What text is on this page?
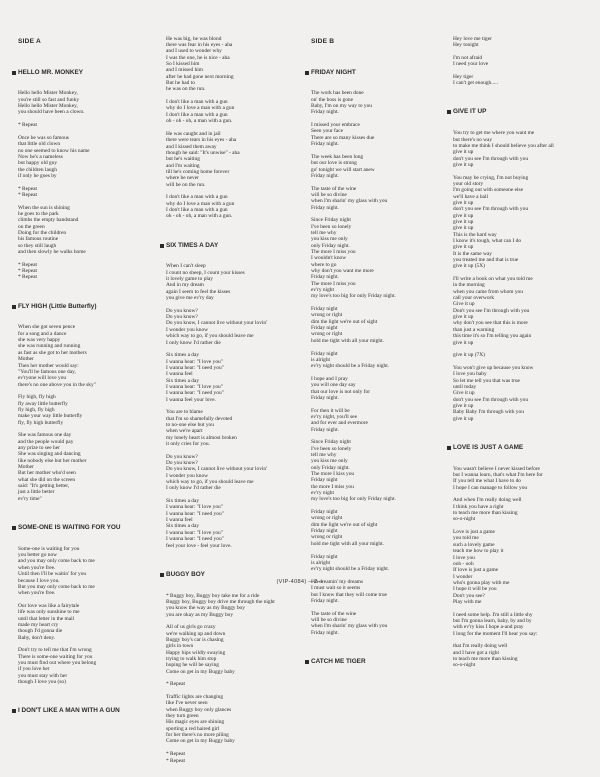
SIDE A

HELLO MR. MONKEY

Hello hello Mister Monkey,
you're still so fast and funky
Hello hello Mister Monkey,
you should have been a clown.

* Repeat

Once he was so famous
that little old clown
no one seemed to know his name
Now he's a nameless
but happy old guy
the children laugh
if only he goes by

* Repeat
* Repeat

When the sun is shining
he goes to the park
climbs the empty bandstand
on the green
Doing for the children
his famous routine
so they still laugh
and then slowly he walks home

* Repeat
* Repeat
* Repeat

FLY HIGH (Little Butterfly)

When she got seven pence
for a song and a dance
she was very happy
she was running and running
as fast as she got to her mothers
Mother
Then her mother would say:
"You'll be famous one day,
ev'ryone will love you
there's no one above you in the sky"

Fly high, fly high
fly away little butterfly
fly high, fly high
make your way little butterfly
fly, fly high butterfly

She was famous one day
and the people would pay
any prize to see her
She was singing and dancing
like nobody else but her mother
Mother
But her mother who'd seen
what she did on the screen
said: "It's getting better,
just a little better
ev'ry time"

SOME-ONE IS WAITING FOR YOU

Some-one is waiting for you
you better go now
and you may only come back to me
when you're free.
Until then I'll be waitin' for you
because I love you.
But you may only come back to me
when you're free.

Our love was like a fairytale
life was only sunshine to me
until that letter in the mail
made my heart cry
though I'd gonna die
Baby, don't deny.

Don't try to tell me that I'm wrong
There is some-one waiting for you
you must find out where you belong
if you love her
you must stay with her
though I love you (so)

I DON'T LIKE A MAN WITH A GUN

He was big, he was blond
there was fear in his eyes - aha
and I used to wonder why
I was the one, he is nice - aha
So I kissed him
and I missed him
after he had gone next morning
But he had to
he was on the run.

I don't like a man with a gun
why do I love a man with a gun
I don't like a man with a gun
oh - oh - oh, a man with a gun.

He was caught and in jail
there were tears in his eyes - aha
and I kissed them away
though he said: "It's unwise" - aha
but he's waiting
and I'm waiting
till he's coming home forever
where he never
will be on the run.

I don't like a man with a gun
why do I love a man with a gun
I don't like a man with a gun
oh - oh - oh, a man with a gun.

SIX TIMES A DAY

When I can't sleep
I count no sheep, I count your kisses
it lovely game to play
And in my dream
again I seem to feel the kisses
you give me ev'ry day

Do you know?
Do you know?
Do you know, I cannot live without your lovin'
I wonder you know
which way to go, if you should leave me
I only know I'd rather die

Six times a day
I wanna hear: "I love you"
I wanna hear: "I need you"
I wanna feel
Six times a day
I wanna hear: "I love you"
I wanna hear: "I need you"
I wanna feel your love.

You are to blame
that I'm so shamefully devoted
to no-one else but you
when we're apart
my lonely heart is almost broken
it only cries for you.

Do you know?
Do you know?
Do you know, I cannot live without your lovin'
I wonder you know
which way to go, if you should leave me
I only know I'd rather die

Six times a day
I wanna hear: "I love you"
I wanna hear: "I need you"
I wanna feel
Six times a day
I wanna hear: "I love you"
I wanna hear: "I need you"
feel your love - feel your love.

BUGGY BOY

* Buggy boy, Buggy boy take me for a ride
Buggy boy, Buggy boy drive me through the night
you know the way as my Buggy boy
you are okay as my Buggy boy

All of us girls go crazy
we're walking up and down
Buggy boy's car is chasing
girls in town
Happy hips wildly swaying
trying to walk him stop
hoping he will be saying
Come on get in my Buggy baby

* Repeat

Traffic lights are changing
like I've never seen
when Buggy boy only glances
they turn green
His magic eyes are shining
sporting a red haired girl
for her there's no more piling
Come on get in my Buggy baby

* Repeat
* Repeat

SIDE B

FRIDAY NIGHT

The work has been done
on' the boss is gone
Baby, I'm on my way to you
Friday night.

I missed your embrace
Seen your face
There are so many kisses due
Friday night.

The week has been long
but our love is strong
go' tonight we will start anew
Friday night.

The taste of the wine
will be so divine
when I'm sharin' my glass with you
Friday night.

Since Friday night
I've been so lonely
tell me why
you kiss me only
only Friday night.
The more I miss you
I wouldn't know
where to go
why don't you want me more
Friday night.
The more I miss you
ev'ry night
my love's too big for only Friday night.

Friday night
wrong or right
dim the light we're out of sight
Friday night
wrong or right
hold me tight with all your might.

Friday night
is alright
ev'ry night should be a Friday night.

I hope and I pray
you will one day say
that our love is not only for
Friday night.

For then it will be
ev'ry night, you'll see
and for ever and evermore
Friday night.

Since Friday night
I've been so lonely
tell me why
you kiss me only
only Friday night.
The more I kiss you
Friday night
the more I miss you
ev'ry night
my love's too big for only Friday night.

Friday night
wrong or right
dim the light we're out of sight
Friday night
wrong or right
hold me tight with all your might.

Friday night
is alright
ev'ry night should be a Friday night.

I'm dreamin' my dreams
I must wait so it seems
but I know that they will come true
Friday night.

The taste of the wine
will be so divine
when I'm sharin' my glass with you
Friday night.

CATCH ME TIGER

Hey love me tiger
Hey tonight

I'm not afraid
I need your love

Hey tiger
I can't get enough.....

GIVE IT UP

You try to get me where you want me
but there's no way
to make me think I should believe you after all
give it up
don't you see I'm through with you
give it up

You may be crying, I'm not buying
your old story
I'm going out with someone else
we'll have a ball
give it up
don't you see I'm through with you
give it up
give it up
give it up
This is the hard way
I know it's tough, what can I do
give it up
It is the same way
you treated me and that is true
give it up (5X)

I'll write a book on what you told me
in the morning
when you came from whom you
call your overwork
Give it up
Don't you see I'm through with you
give it up
why don't you see that this is more
than just a warning
this time it's so I'm telling you again
give it up

give it up (7X)

You won't give up because you know
I love you baby
So let me tell you that was true
until today
Give it up
don't you see I'm through with you
give it up
Baby Baby I'm through with you
give it up

LOVE IS JUST A GAME

You wasn't believe I never kissed before
but I wanna learn, that's what I'm here for
If you tell me what I have to do
I hope I can manage to follow you

And when I'm really doing well
I think you have a right
to teach me more than kissing
so-o-night

Love is just a game
you told me
such a lovely game
teach me how to play it
I love you
ooh - ooh
If love is just a game
I wonder
who's gonna play with me
I hope it will be you
Don't you see?
Play with me

I need some help. I'm still a little shy
but I'm gonna learn, baby, by and by
with ev'ry kiss I hope a-and pray
I long for the moment I'll hear you say:

that I'm really doing well
and I have got a right
to teach me more than kissing
so-o-night

(VIP-4084) —2—
